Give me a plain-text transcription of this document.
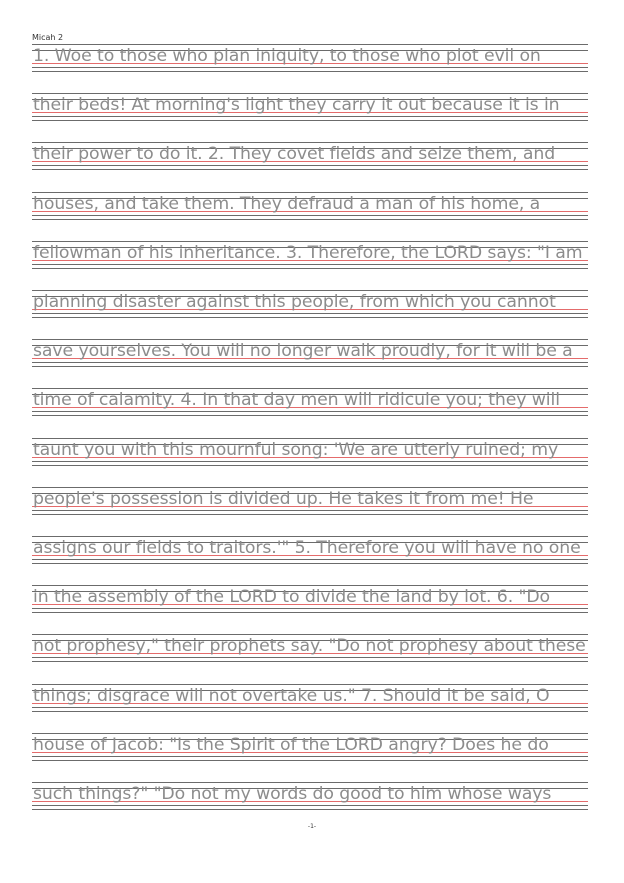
Micah 2
1. Woe to those who plan iniquity, to those who plot evil on
their beds! At morning's light they carry it out because it is in
their power to do it. 2. They covet fields and seize them, and
houses, and take them. They defraud a man of his home, a
fellowman of his inheritance. 3. Therefore, the LORD says: "I am
planning disaster against this people, from which you cannot
save yourselves. You will no longer walk proudly, for it will be a
time of calamity. 4. In that day men will ridicule you; they will
taunt you with this mournful song: 'We are utterly ruined; my
people's possession is divided up. He takes it from me! He
assigns our fields to traitors.'" 5. Therefore you will have no one
in the assembly of the LORD to divide the land by lot. 6. "Do
not prophesy," their prophets say. "Do not prophesy about these
things; disgrace will not overtake us." 7. Should it be said, O
house of Jacob: "Is the Spirit of the LORD angry? Does he do
such things?" "Do not my words do good to him whose ways
-1-
